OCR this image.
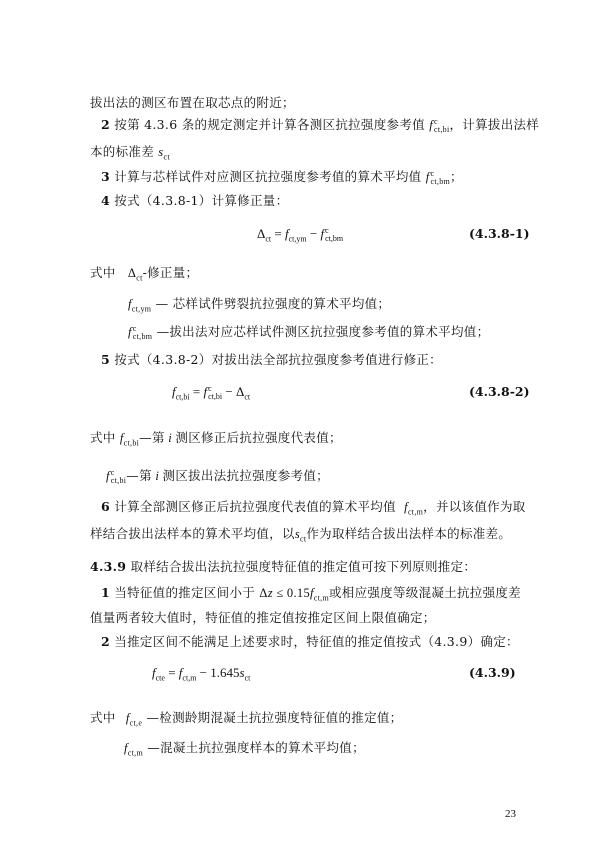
拔出法的测区布置在取芯点的附近；
2 按第 4.3.6 条的规定测定并计算各测区抗拉强度参考值 f c
ct,bi ，计算拔出法样
本的标准差 $s_{ct}$
3 计算与芯样试件对应测区抗拉强度参考值的算术平均值 f c
ct,bm ；
4 按式（4.3.8-1）计算修正量：
$\Delta_{ct} = f_{ct,ym} - f$ c
ct,bm	(4.3.8-1)
式中 $\Delta_{ct}-$修正量；
$f_{ct,ym}$ — 芯样试件劈裂抗拉强度的算术平均值；
f c
ct,bm —拔出法对应芯样试件测区抗拉强度参考值的算术平均值；
5 按式（4.3.8-2）对拔出法全部抗拉强度参考值进行修正：
$f_{ct,bi} = f$ c
$ct,bi - \Delta_{ct}$	(4.3.8-2)
式中 $f_{ct,bi}—$第 i 测区修正后抗拉强度代表值；
f c
ct,bi —第 i 测区拔出法抗拉强度参考值；
6 计算全部测区修正后抗拉强度代表值的算术平均值 $f_{ct,m}$，并以该值作为取
样结合拔出法样本的算术平均值，以$s_{ct}$作为取样结合拔出法样本的标准差。
4.3.9 取样结合拔出法抗拉强度特征值的推定值可按下列原则推定：
1 当特征值的推定区间小于 $\Delta z \le 0.15f_{ct,m}$或相应强度等级混凝土抗拉强度差
值量两者较大值时，特征值的推定值按推定区间上限值确定；
2 当推定区间不能满足上述要求时，特征值的推定值按式（4.3.9）确定：
$f_{cte} = f_{ct,m} - 1.645s_{ct}$	(4.3.9)
式中 $f_{ct,e}$ —检测龄期混凝土抗拉强度特征值的推定值；
$f_{ct,m}$ —混凝土抗拉强度样本的算术平均值；
23
